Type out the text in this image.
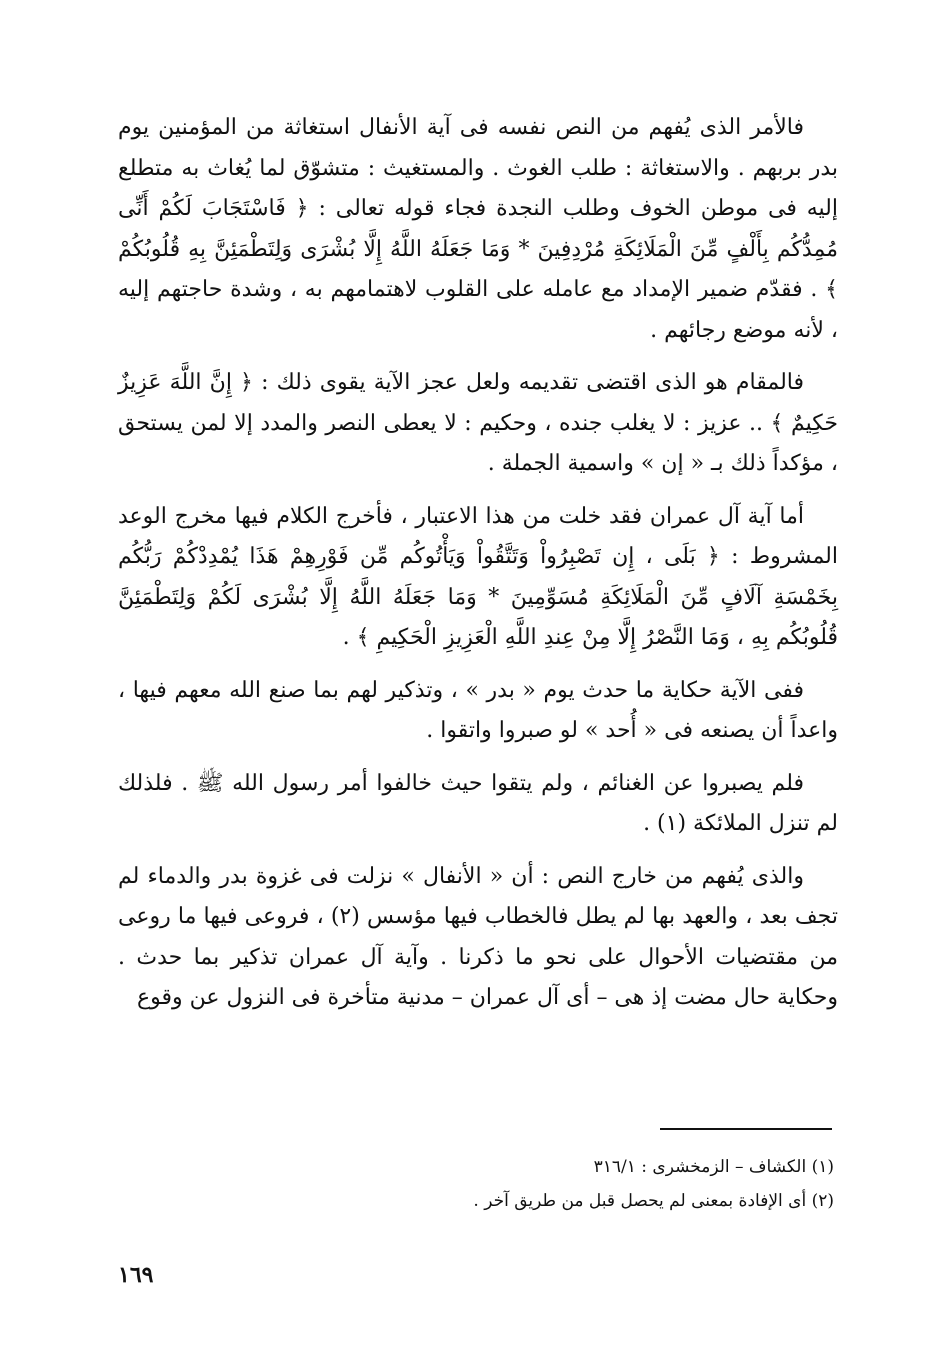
فالأمر الذى يُفهم من النص نفسه فى آية الأنفال استغاثة من المؤمنين يوم بدر بربهم . والاستغاثة : طلب الغوث . والمستغيث : متشوّق لما يُغاث به متطلع إليه فى موطن الخوف وطلب النجدة فجاء قوله تعالى : ﴿ فَاسْتَجَابَ لَكُمْ أَنِّى مُمِدُّكُم بِأَلْفٍ مِّنَ الْمَلَائِكَةِ مُرْدِفِينَ * وَمَا جَعَلَهُ اللَّهُ إِلَّا بُشْرَى وَلِتَطْمَئِنَّ بِهِ قُلُوبُكُمْ ﴾ . فقدّم ضمير الإمداد مع عامله على القلوب لاهتمامهم به ، وشدة حاجتهم إليه ، لأنه موضع رجائهم .

فالمقام هو الذى اقتضى تقديمه ولعل عجز الآية يقوى ذلك : ﴿ إِنَّ اللَّهَ عَزِيزٌ حَكِيمٌ ﴾ .. عزيز : لا يغلب جنده ، وحكيم : لا يعطى النصر والمدد إلا لمن يستحق ، مؤكداً ذلك بـ « إن » واسمية الجملة .

أما آية آل عمران فقد خلت من هذا الاعتبار ، فأخرج الكلام فيها مخرج الوعد المشروط : ﴿ بَلَى ، إِن تَصْبِرُواْ وَتَتَّقُواْ وَيَأْتُوكُم مِّن فَوْرِهِمْ هَذَا يُمْدِدْكُمْ رَبُّكُم بِخَمْسَةِ آلَافٍ مِّنَ الْمَلَائِكَةِ مُسَوِّمِينَ * وَمَا جَعَلَهُ اللَّهُ إِلَّا بُشْرَى لَكُمْ وَلِتَطْمَئِنَّ قُلُوبُكُم بِهِ ، وَمَا النَّصْرُ إِلَّا مِنْ عِندِ اللَّهِ الْعَزِيزِ الْحَكِيمِ ﴾ .

ففى الآية حكاية ما حدث يوم « بدر » ، وتذكير لهم بما صنع الله معهم فيها ، واعداً أن يصنعه فى « أُحد » لو صبروا واتقوا .

فلم يصبروا عن الغنائم ، ولم يتقوا حيث خالفوا أمر رسول الله ﷺ . فلذلك لم تنزل الملائكة (١) .

والذى يُفهم من خارج النص : أن « الأنفال » نزلت فى غزوة بدر والدماء لم تجف بعد ، والعهد بها لم يطل فالخطاب فيها مؤسس (٢) ، فروعى فيها ما روعى من مقتضيات الأحوال على نحو ما ذكرنا . وآية آل عمران تذكير بما حدث . وحكاية حال مضت إذ هى – أى آل عمران – مدنية متأخرة فى النزول عن وقوع

(١) الكشاف – الزمخشرى : ٣١٦/١

(٢) أى الإفادة بمعنى لم يحصل قبل من طريق آخر .

١٦٩
